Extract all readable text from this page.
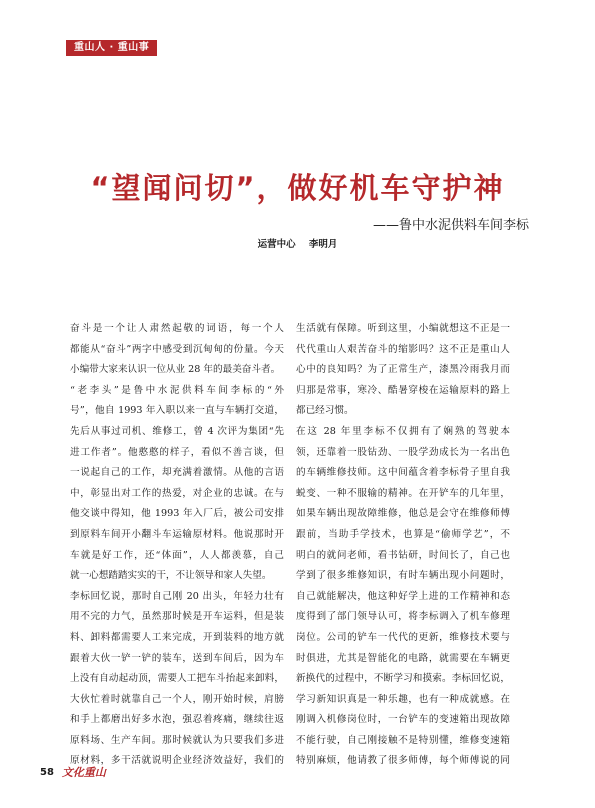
重山人 · 重山事
“望闻问切”，做好机车守护神
——鲁中水泥供料车间李标
运营中心 李明月
奋斗是一个让人肃然起敬的词语，每一个人
都能从“奋斗”两字中感受到沉甸甸的份量。今天
小编带大家来认识一位从业 28 年的最美奋斗者。
“老李头”是鲁中水泥供料车间李标的“外
号”，他自 1993 年入职以来一直与车辆打交道，
先后从事过司机、维修工，曾 4 次评为集团“先
进工作者”。他憨憨的样子，看似不善言谈，但
一说起自己的工作，却充满着激情。从他的言语
中，彰显出对工作的热爱，对企业的忠诚。在与
他交谈中得知，他 1993 年入厂后，被公司安排
到原料车间开小翻斗车运输原材料。他说那时开
车就是好工作，还“体面”，人人都羡慕，自己
就一心想踏踏实实的干，不让领导和家人失望。
李标回忆说，那时自己刚 20 出头，年轻力壮有
用不完的力气，虽然那时候是开车运料，但是装
料、卸料都需要人工来完成，开到装料的地方就
跟着大伙一铲一铲的装车，送到车间后，因为车
上没有自动起动顶，需要人工把车斗抬起来卸料，
大伙忙着时就靠自己一个人，刚开始时候，肩膀
和手上都磨出好多水泡，强忍着疼痛，继续往返
原料场、生产车间。那时候就认为只要我们多进
原材料，多干活就说明企业经济效益好，我们的
生活就有保障。听到这里，小编就想这不正是一
代代重山人艰苦奋斗的缩影吗？这不正是重山人
心中的良知吗？为了正常生产，漆黑冷雨我月而
归那是常事，寒冷、酷暑穿梭在运输原料的路上
都已经习惯。
在这 28 年里李标不仅拥有了娴熟的驾驶本
领，还靠着一股钻劲、一股学劲成长为一名出色
的车辆维修技师。这中间蕴含着李标骨子里自我
蜕变、一种不服输的精神。在开铲车的几年里，
如果车辆出现故障维修，他总是会守在维修师傅
跟前，当助手学技术，也算是“偷师学艺”，不
明白的就问老师，看书钻研，时间长了，自己也
学到了很多维修知识，有时车辆出现小问题时，
自己就能解决，他这种好学上进的工作精神和态
度得到了部门领导认可，将李标调入了机车修理
岗位。公司的铲车一代代的更新，维修技术要与
时俱进，尤其是智能化的电路，就需要在车辆更
新换代的过程中，不断学习和摸索。李标回忆说，
学习新知识真是一种乐趣，也有一种成就感。在
刚调入机修岗位时，一台铲车的变速箱出现故障
不能行驶，自己刚接触不是特别懂，维修变速箱
特别麻烦，他请教了很多师傅，每个师傅说的同
58 文化重山
